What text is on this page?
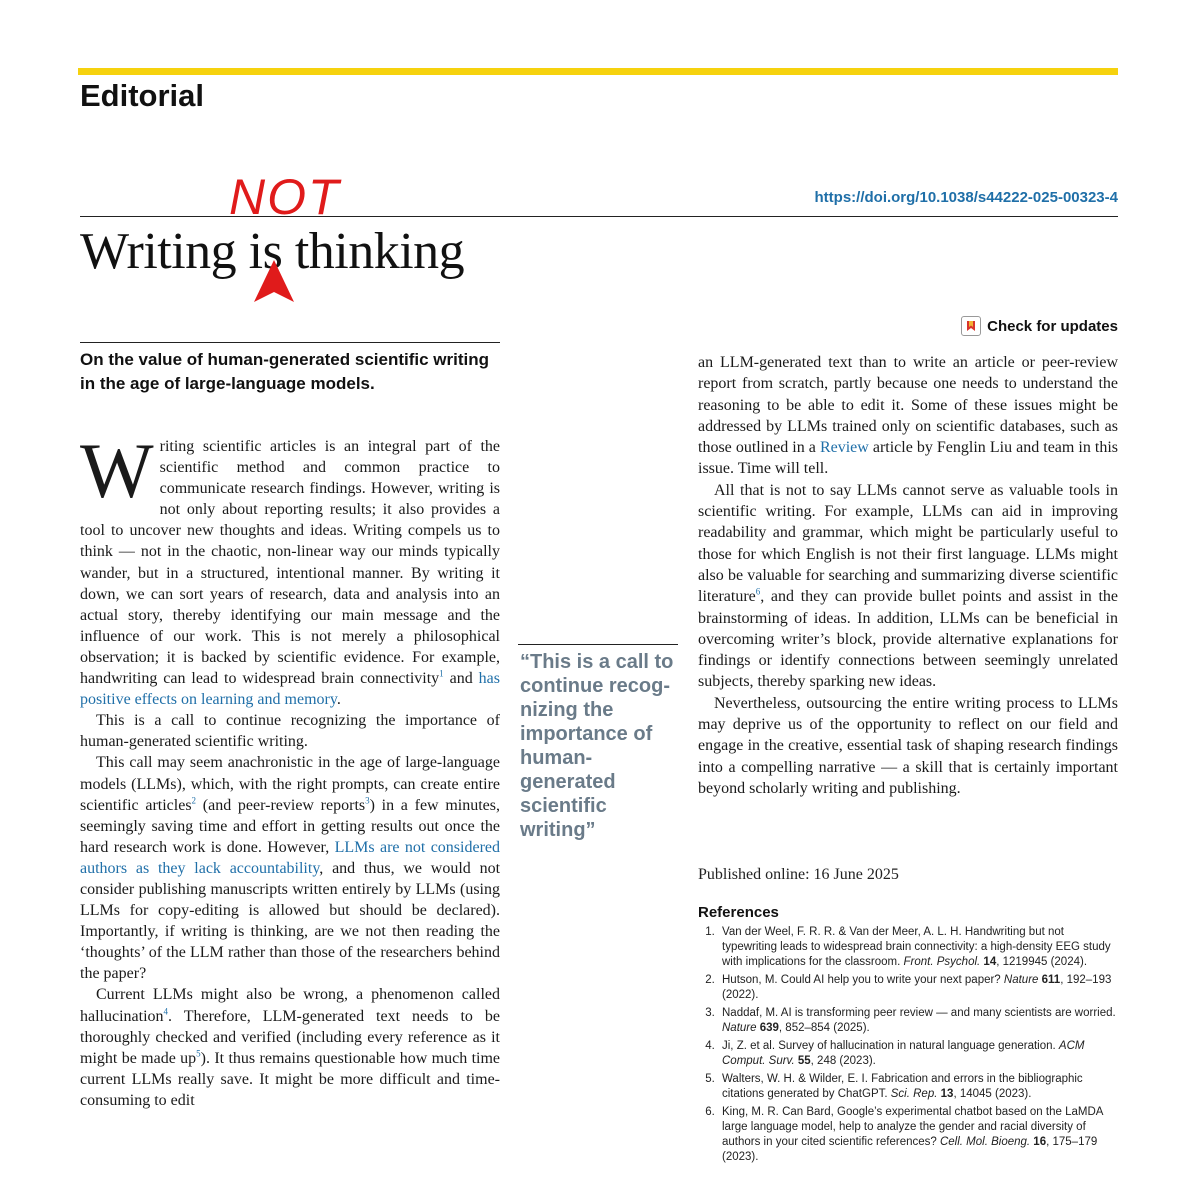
Editorial
https://doi.org/10.1038/s44222-025-00323-4
Writing is thinking
NOT
Check for updates
On the value of human-generated scientific writing in the age of large-language models.

Writing scientific articles is an integral part of the scientific method and common practice to communicate research findings. However, writing is not only about reporting results; it also provides a tool to uncover new thoughts and ideas. Writing compels us to think — not in the chaotic, non-linear way our minds typically wander, but in a structured, intentional manner. By writing it down, we can sort years of research, data and analysis into an actual story, thereby identifying our main message and the influence of our work. This is not merely a philosophical observation; it is backed by scientific evidence. For example, handwriting can lead to widespread brain connectivity$^1$ and has positive effects on learning and memory.

This is a call to continue recognizing the importance of human-generated scientific writing.

This call may seem anachronistic in the age of large-language models (LLMs), which, with the right prompts, can create entire scientific articles$^2$ (and peer-review reports$^3$) in a few minutes, seemingly saving time and effort in getting results out once the hard research work is done. However, LLMs are not considered authors as they lack accountability, and thus, we would not consider publishing manuscripts written entirely by LLMs (using LLMs for copy-editing is allowed but should be declared). Importantly, if writing is thinking, are we not then reading the ‘thoughts’ of the LLM rather than those of the researchers behind the paper?

Current LLMs might also be wrong, a phenomenon called hallucination$^4$. Therefore, LLM-generated text needs to be thoroughly checked and verified (including every reference as it might be made $up^5$). It thus remains questionable how much time current LLMs really save. It might be more difficult and time-consuming to edit

“This is a call to continue recog-nizing the importance of human-generated scientific writing”

an LLM-generated text than to write an article or peer-review report from scratch, partly because one needs to understand the reasoning to be able to edit it. Some of these issues might be addressed by LLMs trained only on scientific databases, such as those outlined in a Review article by Fenglin Liu and team in this issue. Time will tell.

All that is not to say LLMs cannot serve as valuable tools in scientific writing. For example, LLMs can aid in improving readability and grammar, which might be particularly useful to those for which English is not their first language. LLMs might also be valuable for searching and summarizing diverse scientific literature$^6$, and they can provide bullet points and assist in the brainstorming of ideas. In addition, LLMs can be beneficial in overcoming writer’s block, provide alternative explanations for findings or identify connections between seemingly unrelated subjects, thereby sparking new ideas.

Nevertheless, outsourcing the entire writing process to LLMs may deprive us of the opportunity to reflect on our field and engage in the creative, essential task of shaping research findings into a compelling narrative — a skill that is certainly important beyond scholarly writing and publishing.

Published online: 16 June 2025
References
1. Van der Weel, F. R. R. & Van der Meer, A. L. H. Handwriting but not typewriting leads to widespread brain connectivity: a high-density EEG study with implications for the classroom. Front. Psychol. 14, 1219945 (2024).
2. Hutson, M. Could AI help you to write your next paper? Nature 611, 192–193 (2022).
3. Naddaf, M. AI is transforming peer review — and many scientists are worried. Nature 639, 852–854 (2025).
4. Ji, Z. et al. Survey of hallucination in natural language generation. ACM Comput. Surv. 55, 248 (2023).
5. Walters, W. H. & Wilder, E. I. Fabrication and errors in the bibliographic citations generated by ChatGPT. Sci. Rep. 13, 14045 (2023).
6. King, M. R. Can Bard, Google’s experimental chatbot based on the LaMDA large language model, help to analyze the gender and racial diversity of authors in your cited scientific references? Cell. Mol. Bioeng. 16, 175–179 (2023).
